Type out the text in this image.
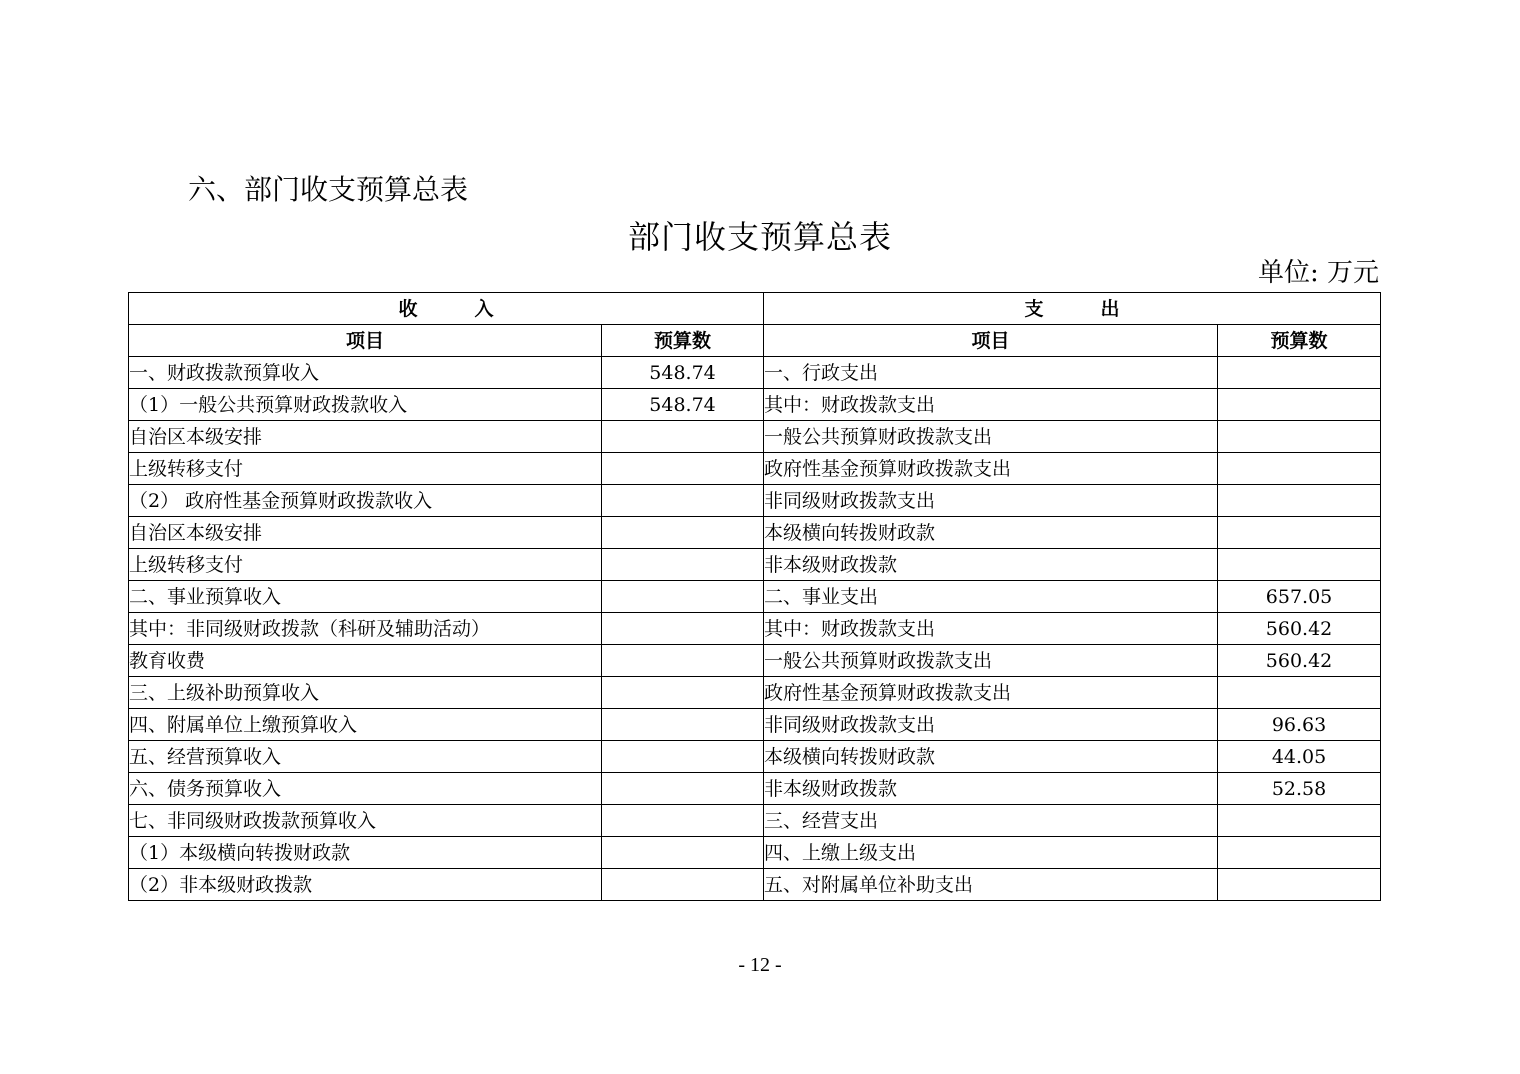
六、部门收支预算总表
部门收支预算总表
单位: 万元
收　　　入		支　　　出	
项目	预算数	项目	预算数
一、财政拨款预算收入	548.74	一、行政支出	
（1）一般公共预算财政拨款收入	548.74	其中：财政拨款支出	
自治区本级安排		一般公共预算财政拨款支出	
上级转移支付		政府性基金预算财政拨款支出	
（2） 政府性基金预算财政拨款收入		非同级财政拨款支出	
自治区本级安排		本级横向转拨财政款	
上级转移支付		非本级财政拨款	
二、事业预算收入		二、事业支出	657.05
其中：非同级财政拨款（科研及辅助活动）		其中：财政拨款支出	560.42
教育收费		一般公共预算财政拨款支出	560.42
三、上级补助预算收入		政府性基金预算财政拨款支出	
四、附属单位上缴预算收入		非同级财政拨款支出	96.63
五、经营预算收入		本级横向转拨财政款	44.05
六、债务预算收入		非本级财政拨款	52.58
七、非同级财政拨款预算收入		三、经营支出	
（1）本级横向转拨财政款		四、上缴上级支出	
（2）非本级财政拨款		五、对附属单位补助支出	
- 12 -
